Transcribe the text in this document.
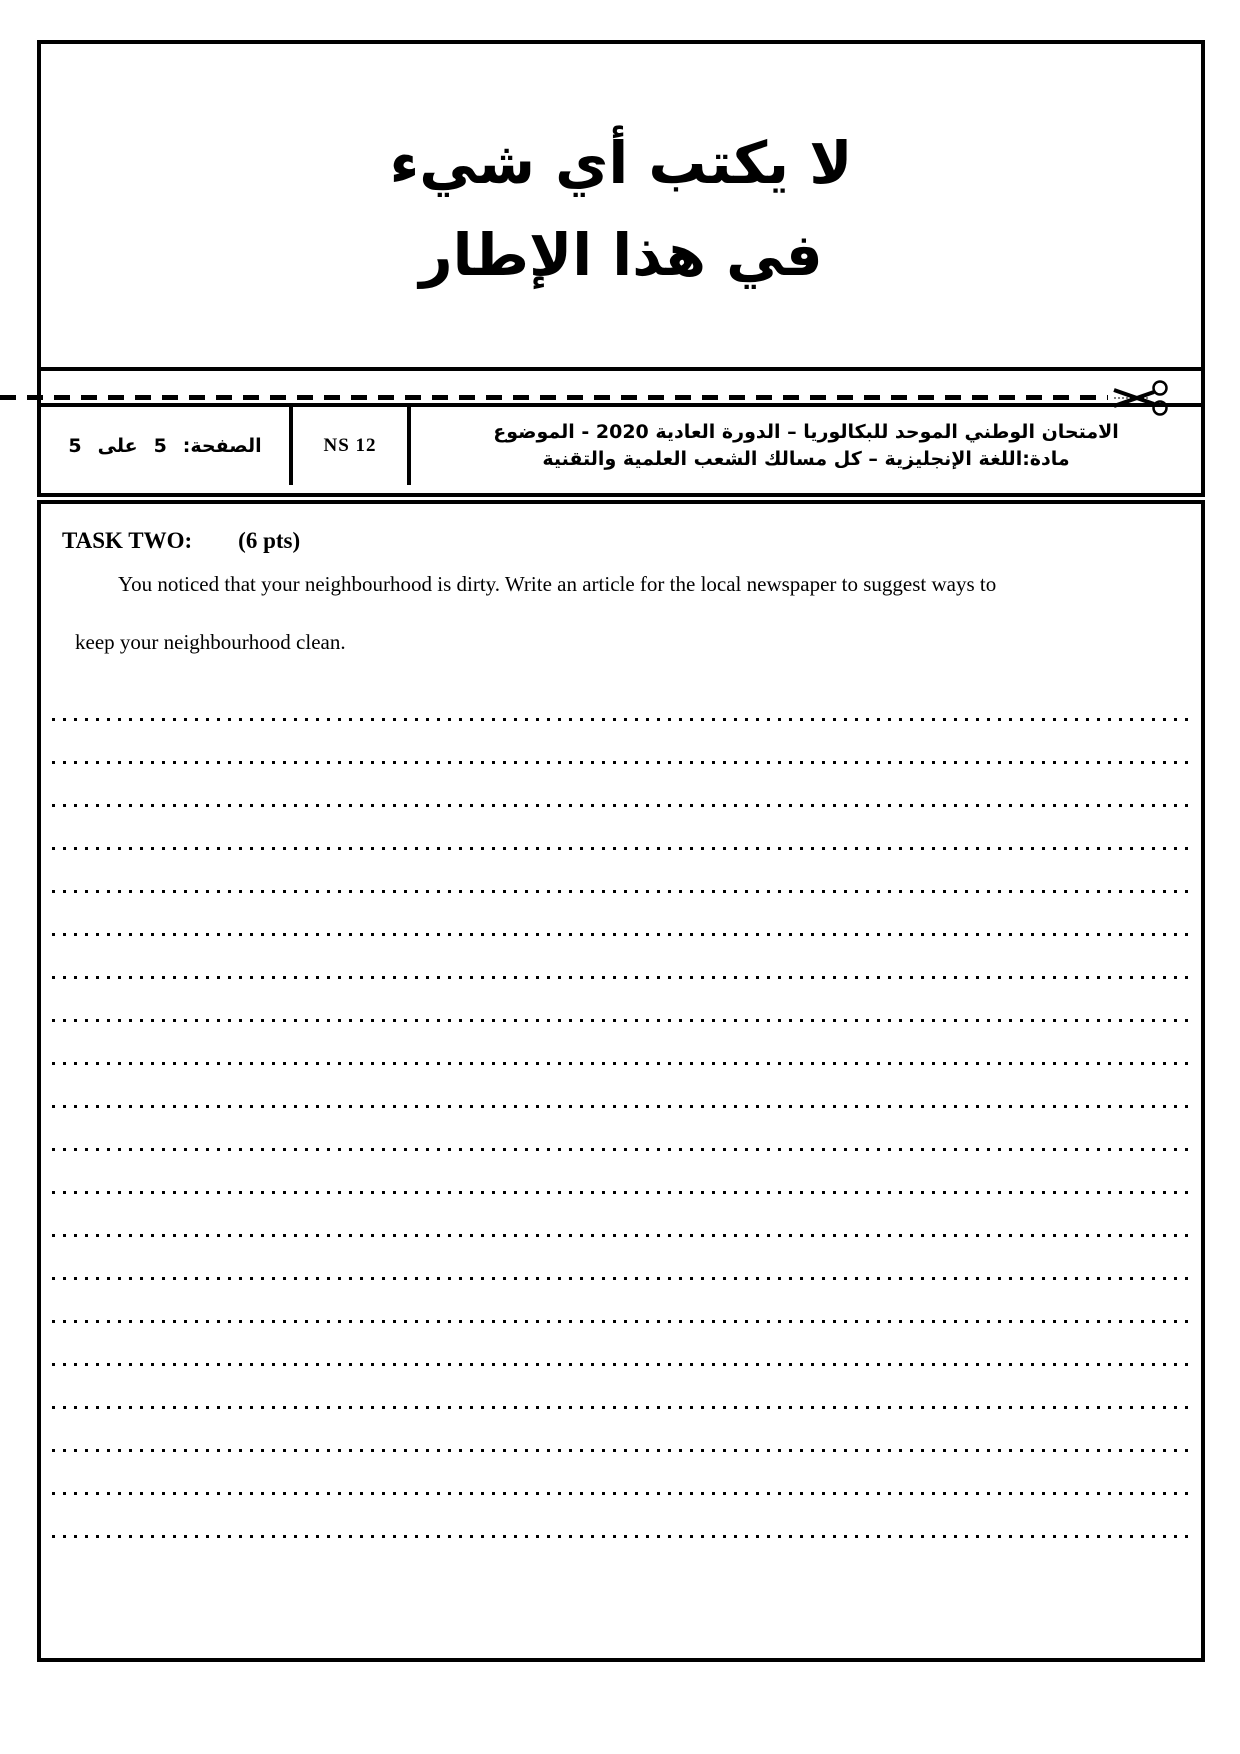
لا يكتب أي شيء
في هذا الإطار
الصفحة:
5
على
5	NS 12
الامتحان الوطني الموحد للبكالوريا – الدورة العادية 2020 - الموضوع
مادة:اللغة الإنجليزية – كل مسالك الشعب العلمية والتقنية
TASK TWO: (6 pts)
You noticed that your neighbourhood is dirty. Write an article for the local newspaper to suggest ways to
keep your neighbourhood clean.
